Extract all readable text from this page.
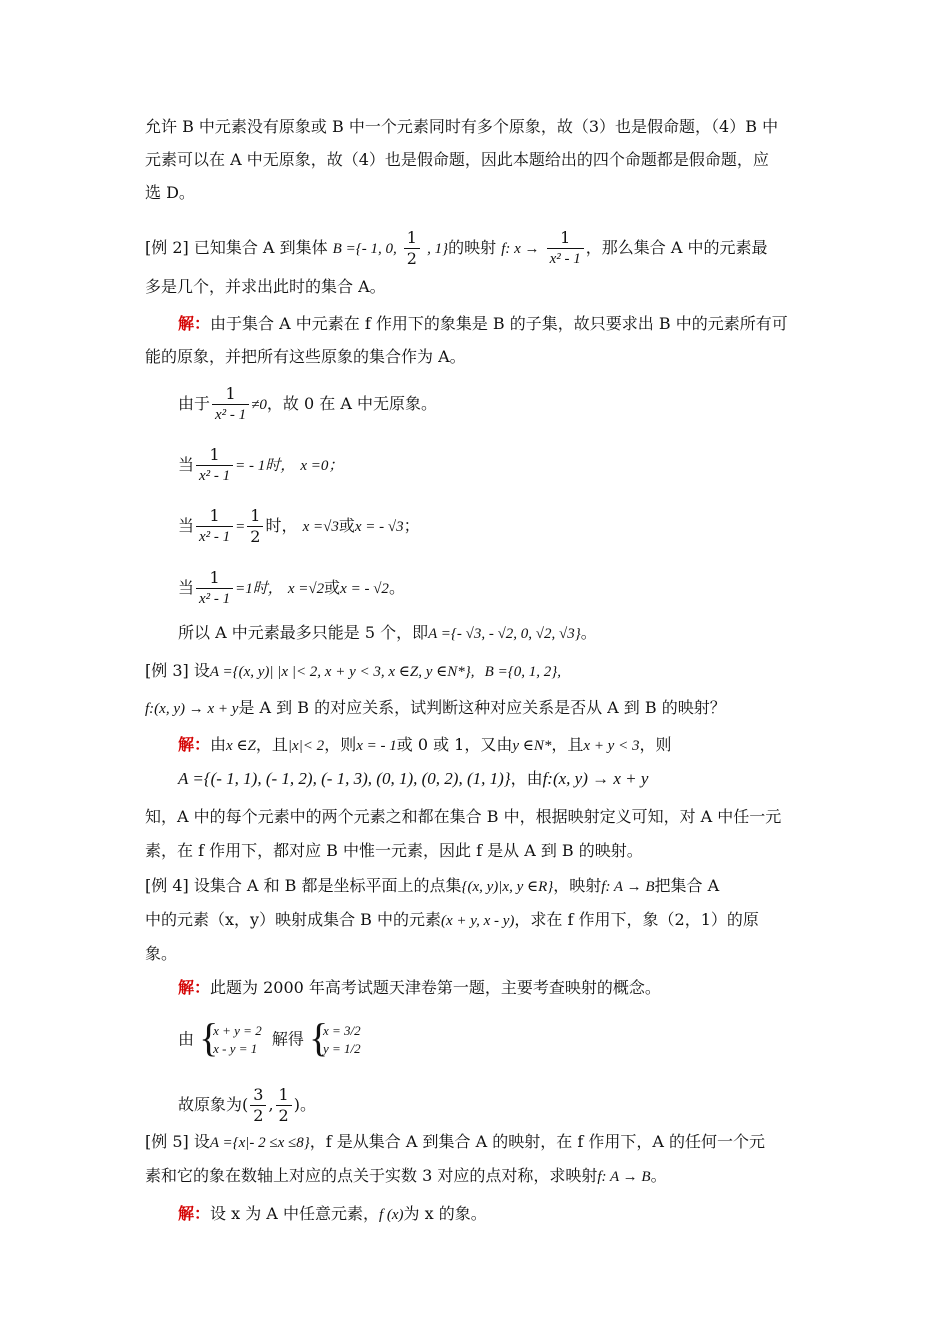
允许 B 中元素没有原象或 B 中一个元素同时有多个原象，故（3）也是假命题，（4）B 中
元素可以在 A 中无原象，故（4）也是假命题，因此本题给出的四个命题都是假命题，应
选 D。
[例 2] 已知集合 A 到集体 B ={- 1, 0, $\frac{1}{2}$ , 1}的映射 f: $x \to \frac{1}{\text{x² - 1}}$ ，那么集合 A 中的元素最
多是几个，并求出此时的集合 A。
解：由于集合 A 中元素在 f 作用下的象集是 B 的子集，故只要求出 B 中的元素所有可
能的原象，并把所有这些原象的集合作为 A。
由于 $\frac{1}{\text{x² - 1}} \ne 0$，故 0 在 A 中无原象。
当 $\frac{1}{\text{x² - 1}}$ = - 1时， x =0；
当 $\frac{1}{\text{x² - 1}} = \frac{1}{2}$ 时， x =√3或x = - √3；
当 $\frac{1}{\text{x² - 1}} =1$时， x =√2或x = - √2。
所以 A 中元素最多只能是 5 个，即A ={- √3, - √2, 0, √2, √3}。
[例 3] 设A ={(x, y)| |x |< 2, x + y < 3, x ∈Z, y ∈N*}, B ={0, 1, 2},
f:(x, y) → x + y是 A 到 B 的对应关系，试判断这种对应关系是否从 A 到 B 的映射？
解：由x ∈Z，且|x|< 2，则x = - 1或 0 或 1，又由y ∈N*，且x + y < 3，则
A ={(- 1, 1), (- 1, 2), (- 1, 3), (0, 1), (0, 2), (1, 1)}，由f:(x, y) → x + y
知，A 中的每个元素中的两个元素之和都在集合 B 中，根据映射定义可知，对 A 中任一元
素，在 f 作用下，都对应 B 中惟一元素，因此 f 是从 A 到 B 的映射。
[例 4] 设集合 A 和 B 都是坐标平面上的点集{(x, y)|x, y ∈R}，映射f: A → B把集合 A
中的元素（x，y）映射成集合 B 中的元素(x + y, x - y)，求在 f 作用下，象（2，1）的原
象。
解：此题为 2000 年高考试题天津卷第一题，主要考查映射的概念。
由 {
x + y = 2
x - y = 1 解得 {
x = 3/2
y = 1/2
故原象为( $\frac{3}{2}$ , $\frac{1}{2}$ )。
[例 5] 设A ={x|- 2 ≤x ≤8}，f 是从集合 A 到集合 A 的映射，在 f 作用下，A 的任何一个元
素和它的象在数轴上对应的点关于实数 3 对应的点对称，求映射f: A → B。
解：设 x 为 A 中任意元素，f (x)为 x 的象。
